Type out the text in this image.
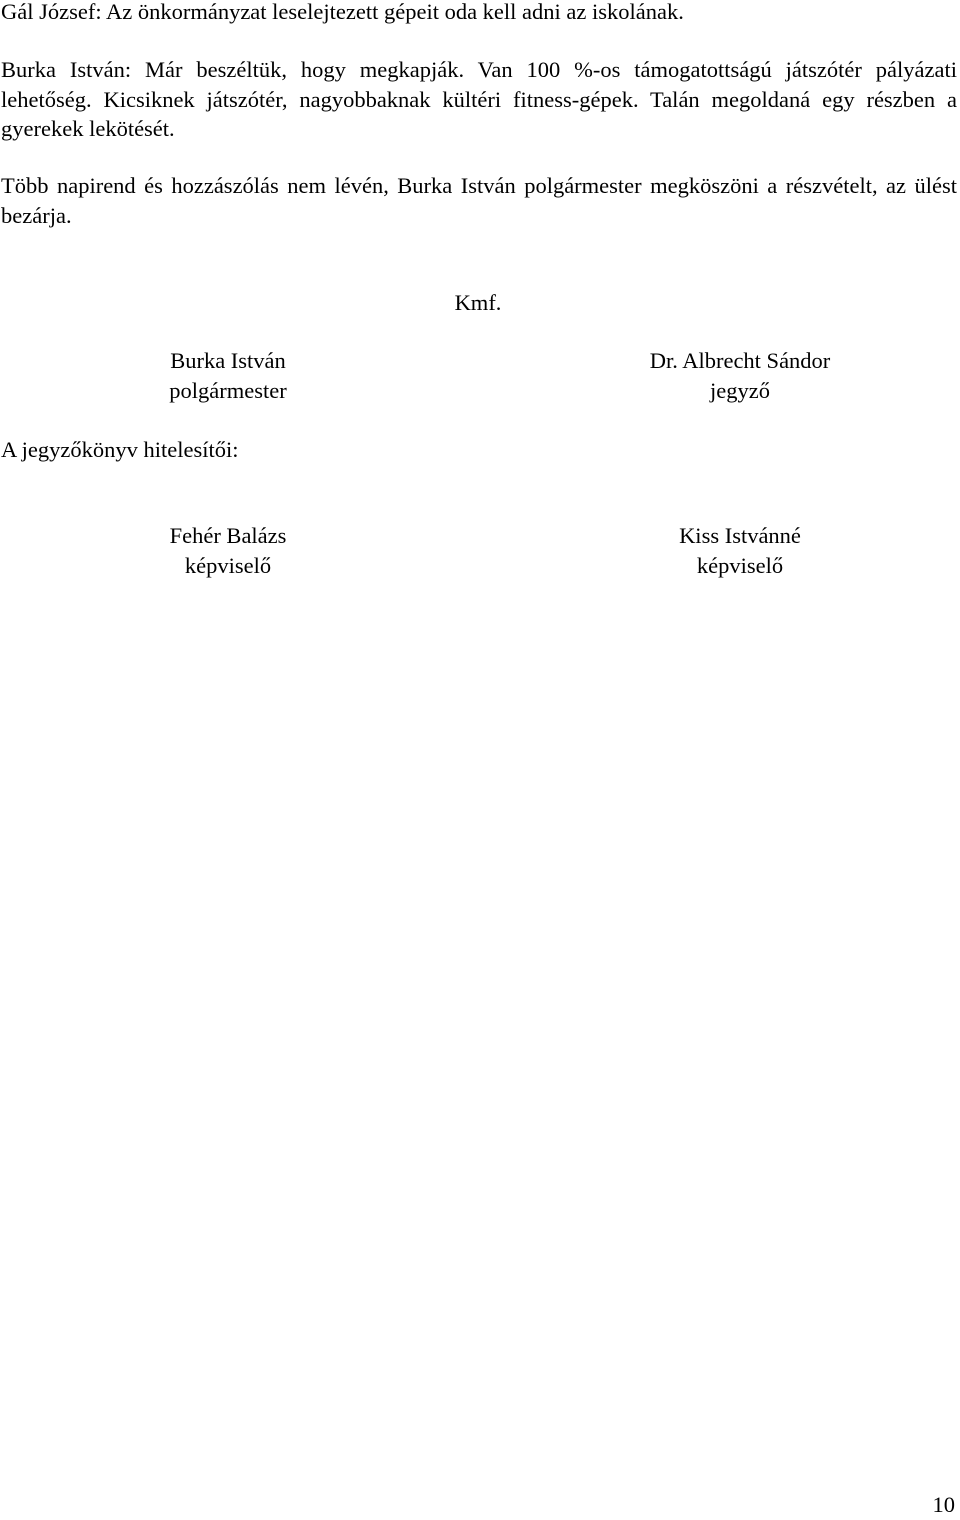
Gál József: Az önkormányzat leselejtezett gépeit oda kell adni az iskolának.

Burka István: Már beszéltük, hogy megkapják. Van 100 %-os támogatottságú játszótér pályázati lehetőség. Kicsiknek játszótér, nagyobbaknak kültéri fitness-gépek. Talán megoldaná egy részben a gyerekek lekötését.

Több napirend és hozzászólás nem lévén, Burka István polgármester megköszöni a részvételt, az ülést bezárja.

Kmf.
Burka István
polgármester
Dr. Albrecht Sándor
jegyző
A jegyzőkönyv hitelesítői:
Fehér Balázs
képviselő
Kiss Istvánné
képviselő
10
